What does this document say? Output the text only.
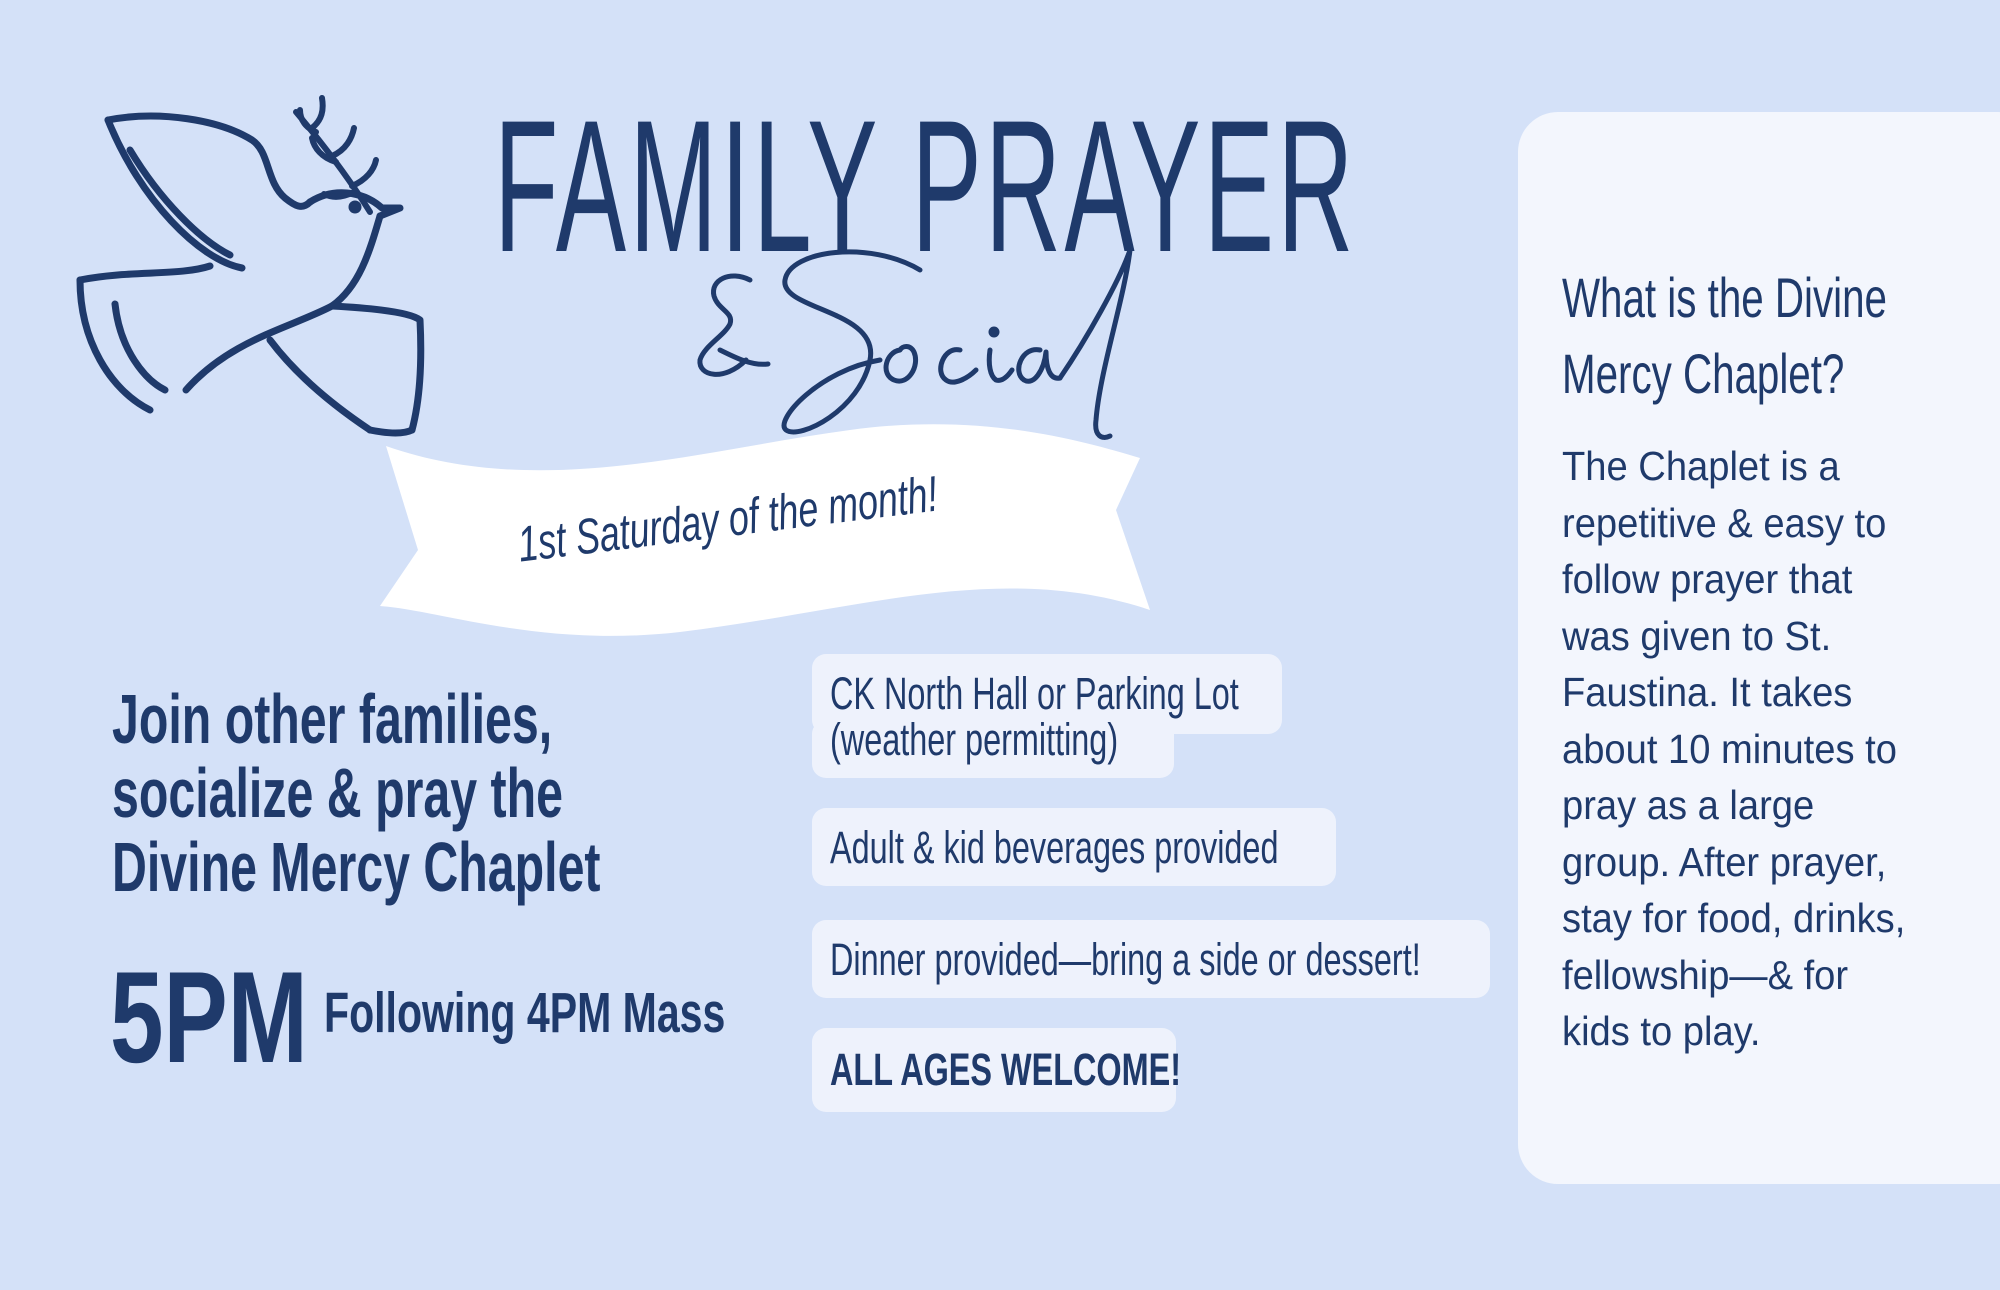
FAMILY PRAYER
1st Saturday of the month!
Join other families,
socialize & pray the
Divine Mercy Chaplet
5PM Following 4PM Mass
CK North Hall or Parking Lot
(weather permitting)
Adult & kid beverages provided
Dinner provided—bring a side or dessert!
ALL AGES WELCOME!
What is the Divine
Mercy Chaplet?
The Chaplet is a
repetitive & easy to
follow prayer that
was given to St.
Faustina. It takes
about 10 minutes to
pray as a large
group. After prayer,
stay for food, drinks,
fellowship—& for
kids to play.
